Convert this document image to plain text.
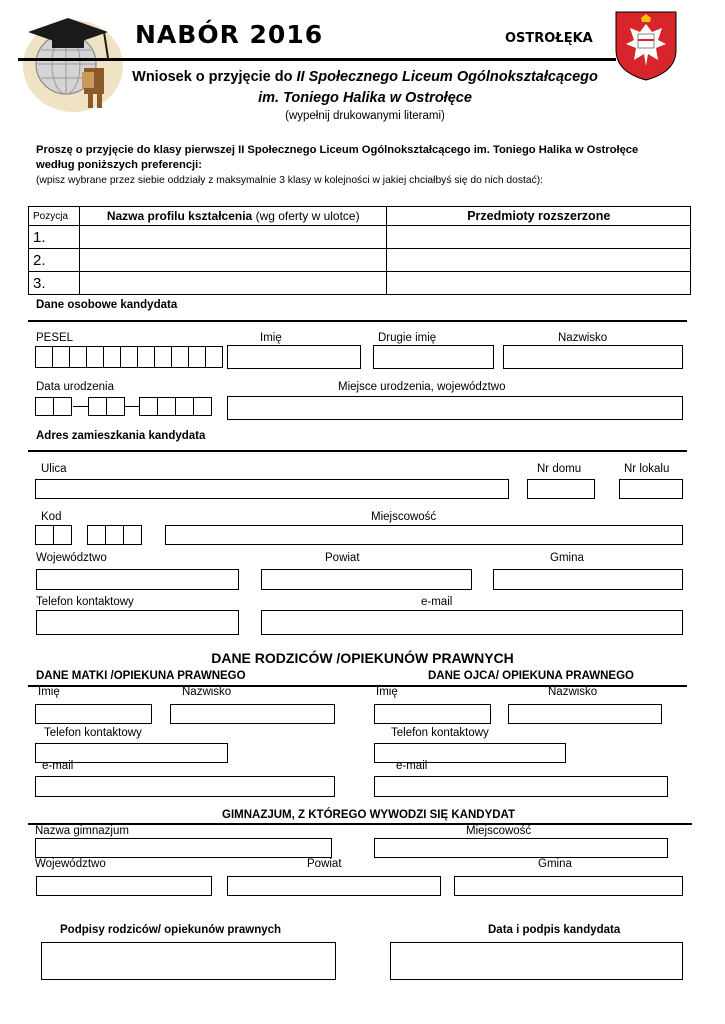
NABÓR 2016	OSTROŁĘKA
Wniosek o przyjęcie do II Społecznego Liceum Ogólnokształcącego
im. Toniego Halika w Ostrołęce
(wypełnij drukowanymi literami)
Proszę o przyjęcie do klasy pierwszej II Społecznego Liceum Ogólnokształcącego im. Toniego Halika w Ostrołęce
według poniższych preferencji:
(wpisz wybrane przez siebie oddziały z maksymalnie 3 klasy w kolejności w jakiej chciałbyś się do nich dostać):
Pozycja	Nazwa profilu kształcenia (wg oferty w ulotce)	Przedmioty rozszerzone
1.		
2.		
3.		
Dane osobowe kandydata
PESEL	Imię	Drugie imię	Nazwisko
Data urodzenia	Miejsce urodzenia, województwo
Adres zamieszkania kandydata
Ulica	Nr domu	Nr lokalu
Kod	Miejscowość
Województwo	Powiat	Gmina
Telefon kontaktowy	e-mail
DANE RODZICÓW /OPIEKUNÓW PRAWNYCH
DANE MATKI /OPIEKUNA PRAWNEGO	DANE OJCA/ OPIEKUNA PRAWNEGO
Imię	Nazwisko	Imię	Nazwisko
Telefon kontaktowy	Telefon kontaktowy
e-mail	e-mail
GIMNAZJUM, Z KTÓREGO WYWODZI SIĘ KANDYDAT
Nazwa gimnazjum	Miejscowość
Województwo	Powiat	Gmina
Podpisy rodziców/ opiekunów prawnych	Data i podpis kandydata
